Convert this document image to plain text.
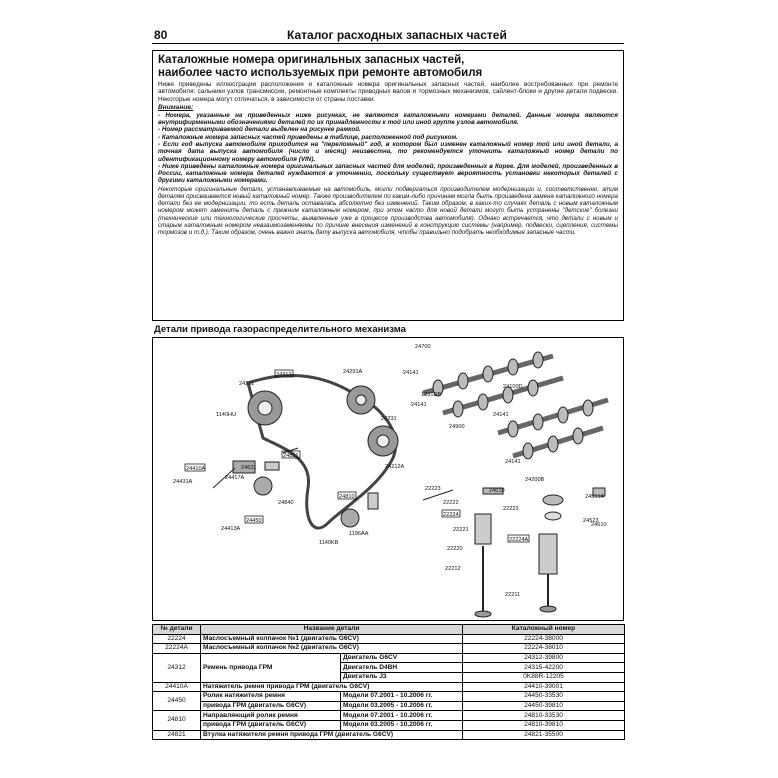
80	Каталог расходных запасных частей
Каталожные номера оригинальных запасных частей,
наиболее часто используемых при ремонте автомобиля

Ниже приведены иллюстрации расположения и каталожные номера оригинальных запасных частей, наиболее востребованных при ремонте автомобиля: сальники узлов трансмиссии, ремонтные комплекты приводных валов и тормозных механизмов, сайлент-блоки и другие детали подвески. Некоторые номера могут отличаться, в зависимости от страны поставки.

Внимание:

- Номера, указанные на приведенных ниже рисунках, не являются каталожными номерами деталей. Данные номера являются внутрифирменными обозначениями деталей по их принадлежности к той или иной группе узлов автомобиля.

- Номер рассматриваемой детали выделен на рисунке рамкой.

- Каталожные номера запасных частей приведены в таблице, расположенной под рисунком.

- Если год выпуска автомобиля приходится на "переломный" год, в котором был изменен каталожный номер той или иной детали, а точная дата выпуска автомобиля (число и месяц) неизвестна, то рекомендуется уточнить каталожный номер детали по идентификационному номеру автомобиля (VIN).

- Ниже приведены каталожные номера оригинальных запасных частей для моделей, произведенных в Корее. Для моделей, произведенных в России, каталожные номера деталей нуждаются в уточнении, поскольку существует вероятность установки некоторых деталей с другими каталожными номерами.

Некоторые оригинальные детали, устанавливаемые на автомобиль, могли подвергаться производителем модернизации и, соответственно, этим деталям присваивается новый каталожный номер. Также производителем по каким-либо причинам могла быть произведена замена каталожного номера детали без ее модернизации, то есть деталь оставалась абсолютно без изменений. Таким образом, в каких-то случаях деталь с новым каталожным номером может заменить деталь с прежним каталожным номером, при этом часто для новой детали могут быть устранены "детские" болезни (технические или технологические просчеты, выявленные уже в процессе производства автомобиля). Однако встречается, что детали с новым и старым каталожным номером невзаимозаменяемы по причине внесения изменений в конструкцию системы (например, подвески, сцепления, системы тормозов и т.д.). Таким образом, очень важно знать дату выпуска автомобиля, чтобы правильно подобрать необходимые запасные части.

Детали привода газораспределительного механизма
24700
24141
1231DB
24141
24900
24100D
24141
24141
24200B
24211
24312	24291A
1140HU
24231
24212A
24410A
24431A
24417A
24631
24821
24840
24450
24413A
24810
1140KB
1196AA
22223	24610
24551A
22222
22224
24523
22223
24610
22221
22224A
22220
22212
22211
№ детали	Название детали		Каталожный номер
22224	Маслосъемный колпачок №1 (двигатель G6CV)		22224-38000
22224A	Маслосъемный колпачок №2 (двигатель G6CV)		22224-38010
24312	Ремень привода ГРМ	Двигатель G6CV	24312-39800
		Двигатель D4BH	24315-42200
		Двигатель J3	0K88R-12205
24410A	Натяжитель ремня привода ГРМ (двигатель G6CV)		24410-39001
24450	Ролик натяжителя ремня	Модели 07.2001 - 10.2006 гг.	24450-33530
	привода ГРМ (двигатель G6CV)	Модели 03.2005 - 10.2006 гг.	24450-39810
24810	Направляющий ролик ремня	Модели 07.2001 - 10.2006 гг.	24810-33530
	привода ГРМ (двигатель G6CV)	Модели 03.2005 - 10.2006 гг.	24810-39810
24821	Втулка натяжителя ремня привода ГРМ (двигатель G6CV)		24821-35500
